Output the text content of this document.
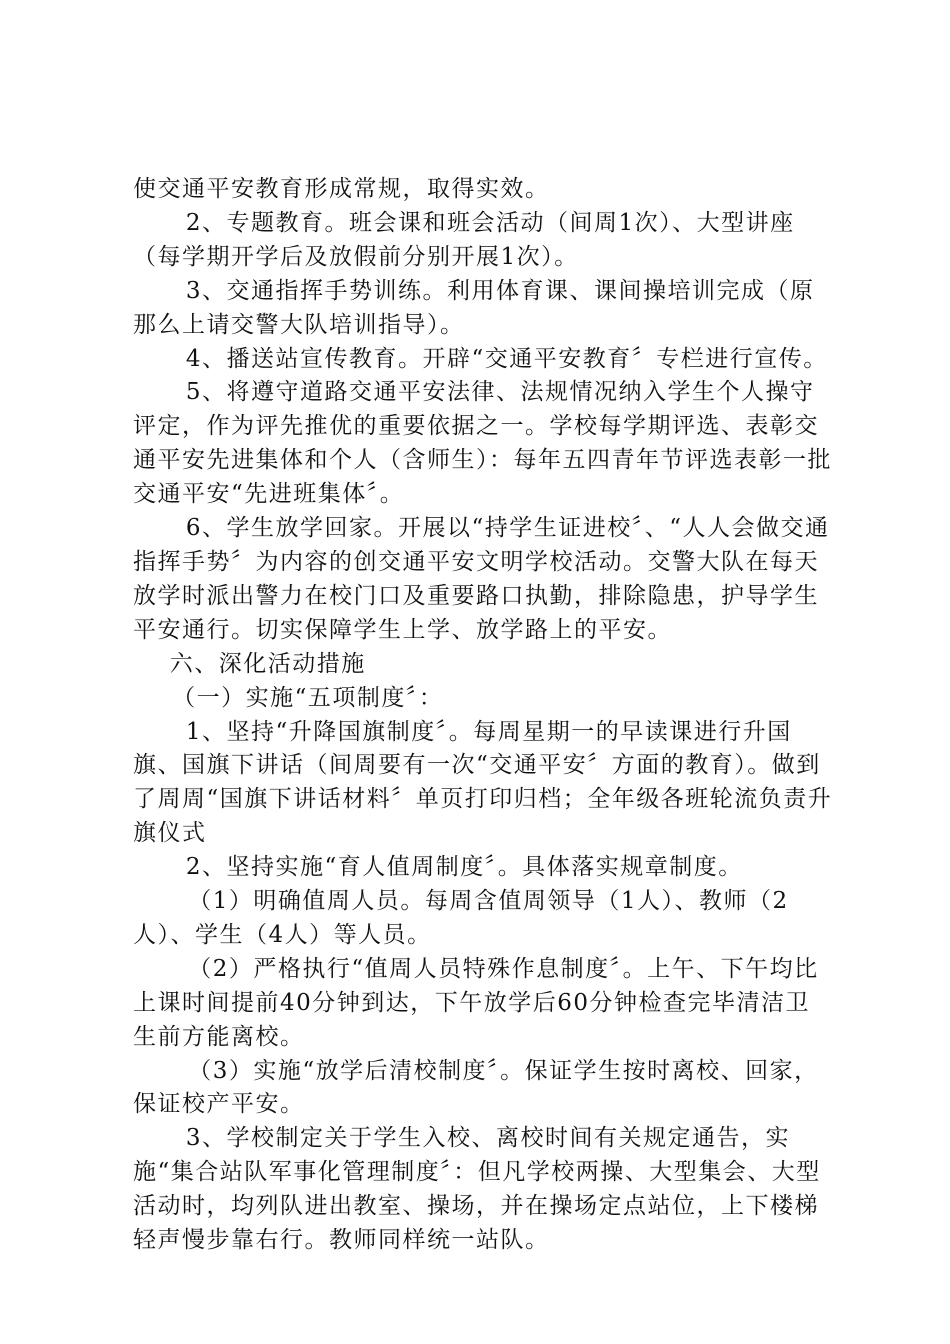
使交通平安教育形成常规，取得实效。

2、专题教育。班会课和班会活动（间周1次）、大型讲座（每学期开学后及放假前分别开展1次）。

3、交通指挥手势训练。利用体育课、课间操培训完成（原那么上请交警大队培训指导）。

4、播送站宣传教育。开辟“交通平安教育〞专栏进行宣传。

5、将遵守道路交通平安法律、法规情况纳入学生个人操守评定，作为评先推优的重要依据之一。学校每学期评选、表彰交通平安先进集体和个人（含师生）：每年五四青年节评选表彰一批交通平安“先进班集体〞。

6、学生放学回家。开展以“持学生证进校〞、“人人会做交通指挥手势〞为内容的创交通平安文明学校活动。交警大队在每天放学时派出警力在校门口及重要路口执勤，排除隐患，护导学生平安通行。切实保障学生上学、放学路上的平安。

六、深化活动措施

（一）实施“五项制度〞：

1、坚持“升降国旗制度〞。每周星期一的早读课进行升国旗、国旗下讲话（间周要有一次“交通平安〞方面的教育）。做到了周周“国旗下讲话材料〞单页打印归档；全年级各班轮流负责升旗仪式

2、坚持实施“育人值周制度〞。具体落实规章制度。

（1）明确值周人员。每周含值周领导（1人）、教师（2人）、学生（4人）等人员。

（2）严格执行“值周人员特殊作息制度〞。上午、下午均比上课时间提前40分钟到达，下午放学后60分钟检查完毕清洁卫生前方能离校。

（3）实施“放学后清校制度〞。保证学生按时离校、回家，保证校产平安。

3、学校制定关于学生入校、离校时间有关规定通告，实施“集合站队军事化管理制度〞：但凡学校两操、大型集会、大型活动时，均列队进出教室、操场，并在操场定点站位，上下楼梯轻声慢步靠右行。教师同样统一站队。
